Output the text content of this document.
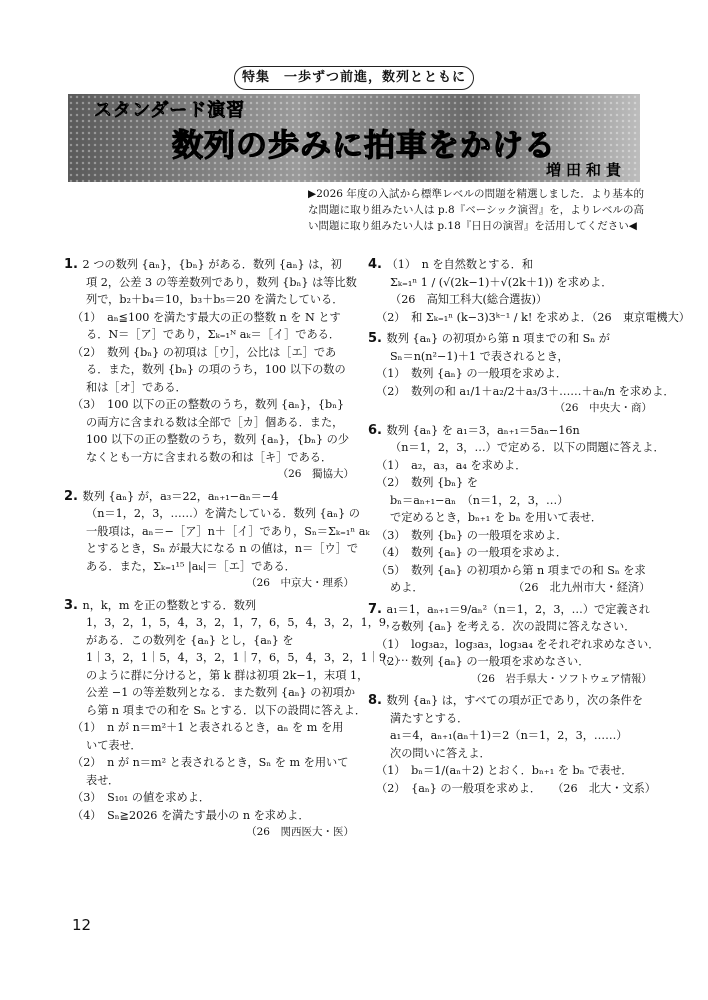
特集　一歩ずつ前進，数列とともに
スタンダード演習
数列の歩みに拍車をかける
増田和貴
▶2026 年度の入試から標準レベルの問題を精選しました．より基本的な問題に取り組みたい人は p.8『ベーシック演習』を，よりレベルの高い問題に取り組みたい人は p.18『日日の演習』を活用してください◀
1. 2 つの数列 {aₙ}，{bₙ} がある．数列 {aₙ} は，初
項 2，公差 3 の等差数列であり，数列 {bₙ} は等比数
列で，b₂＋b₄＝10，b₃＋b₅＝20 を満たしている．
（1）　aₙ≦100 を満たす最大の正の整数 n を N とす
る．N＝［ア］であり，Σₖ₌₁ᴺ aₖ＝［イ］である．
（2）　数列 {bₙ} の初項は［ウ］，公比は［エ］であ
る．また，数列 {bₙ} の項のうち，100 以下の数の
和は［オ］である．
（3）　100 以下の正の整数のうち，数列 {aₙ}，{bₙ}
の両方に含まれる数は全部で［カ］個ある．また，
100 以下の正の整数のうち，数列 {aₙ}，{bₙ} の少
なくとも一方に含まれる数の和は［キ］である．
（26　獨協大）
2. 数列 {aₙ} が，a₃＝22，aₙ₊₁−aₙ＝−4
（n＝1，2，3，……）を満たしている．数列 {aₙ} の
一般項は，aₙ＝−［ア］n＋［イ］であり，Sₙ＝Σₖ₌₁ⁿ aₖ
とするとき，Sₙ が最大になる n の値は，n＝［ウ］で
ある．また，Σₖ₌₁¹⁵ |aₖ|＝［エ］である．
（26　中京大・理系）
3. n，k，m を正の整数とする．数列
1，3，2，1，5，4，3，2，1，7，6，5，4，3，2，1，9，…
がある．この数列を {aₙ} とし，{aₙ} を
1｜3，2，1｜5，4，3，2，1｜7，6，5，4，3，2，1｜9，…
のように群に分けると，第 k 群は初項 2k−1，末項 1，
公差 −1 の等差数列となる．また数列 {aₙ} の初項か
ら第 n 項までの和を Sₙ とする．以下の設問に答えよ．
（1）　n が n＝m²＋1 と表されるとき，aₙ を m を用
いて表せ．
（2）　n が n＝m² と表されるとき，Sₙ を m を用いて
表せ．
（3）　S₁₀₁ の値を求めよ．
（4）　Sₙ≧2026 を満たす最小の n を求めよ．
（26　関西医大・医）
4. （1）　n を自然数とする．和
Σₖ₌₁ⁿ 1 / (√(2k−1)＋√(2k＋1)) を求めよ．
（26　高知工科大(総合選抜)）
（2）　和 Σₖ₌₁ⁿ (k−3)3ᵏ⁻¹ / k! を求めよ．（26　東京電機大）
5. 数列 {aₙ} の初項から第 n 項までの和 Sₙ が
Sₙ＝n(n²−1)＋1 で表されるとき，
（1）　数列 {aₙ} の一般項を求めよ．
（2）　数列の和 a₁/1＋a₂/2＋a₃/3＋……＋aₙ/n を求めよ．
（26　中央大・商）
6. 数列 {aₙ} を a₁＝3，aₙ₊₁＝5aₙ−16n
（n＝1，2，3，…）で定める．以下の問題に答えよ．
（1）　a₂，a₃，a₄ を求めよ．
（2）　数列 {bₙ} を
bₙ＝aₙ₊₁−aₙ　（n＝1，2，3，…）
で定めるとき，bₙ₊₁ を bₙ を用いて表せ．
（3）　数列 {bₙ} の一般項を求めよ．
（4）　数列 {aₙ} の一般項を求めよ．
（5）　数列 {aₙ} の初項から第 n 項までの和 Sₙ を求
めよ．　　　　　　　　　（26　北九州市大・経済）
7. a₁＝1，aₙ₊₁＝9/aₙ²（n＝1，2，3，…）で定義され
る数列 {aₙ} を考える．次の設問に答えなさい．
（1）　log₃a₂，log₃a₃，log₃a₄ をそれぞれ求めなさい．
（2）　数列 {aₙ} の一般項を求めなさい．
（26　岩手県大・ソフトウェア情報）
8. 数列 {aₙ} は，すべての項が正であり，次の条件を
満たすとする．
a₁＝4，aₙ₊₁(aₙ＋1)＝2（n＝1，2，3，……）
次の問いに答えよ．
（1）　bₙ＝1/(aₙ＋2) とおく．bₙ₊₁ を bₙ で表せ．
（2）　{aₙ} の一般項を求めよ．　　（26　北大・文系）
12
